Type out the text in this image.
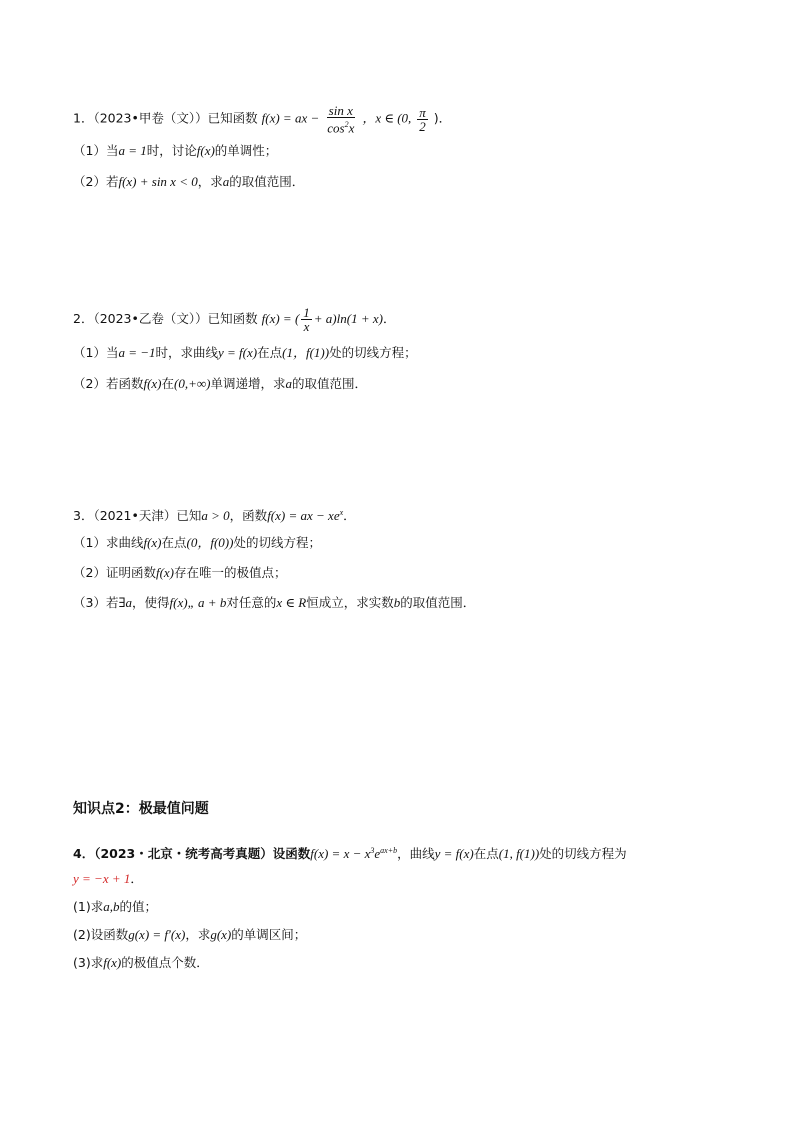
1．（2023•甲卷（文））已知函数 f(x) = ax − $\frac{\text{sin x}}{\cos^2x}$ ，x ∈ (0, $\frac{\pi}{2}$ )．
（1）当a = 1时，讨论f(x)的单调性；
（2）若f(x) + sin x < 0，求a的取值范围．
2．（2023•乙卷（文））已知函数 f(x) = ( $\frac{1}{x} + a)\ln(1 + x)$．
（1）当a = −1时，求曲线y = f(x)在点(1，f(1))处的切线方程；
（2）若函数f(x)在(0,+∞)单调递增，求a的取值范围．
3．（2021•天津）已知a > 0，函数f(x) = ax − $xe^x$．
（1）求曲线f(x)在点(0，f(0))处的切线方程；
（2）证明函数f(x)存在唯一的极值点；
（3）若∃a，使得f(x)„ a + b对任意的x ∈ R恒成立，求实数b的取值范围．
知识点2：极最值问题
4．（2023・北京・统考高考真题）设函数$f(x) = x - x^3e^{ax+b}$，曲线y = f(x)在点(1, f(1))处的切线方程为
y = −x + 1．
(1)求a,b的值；
(2)设函数g(x) = f′(x)，求g(x)的单调区间；
(3)求f(x)的极值点个数．
